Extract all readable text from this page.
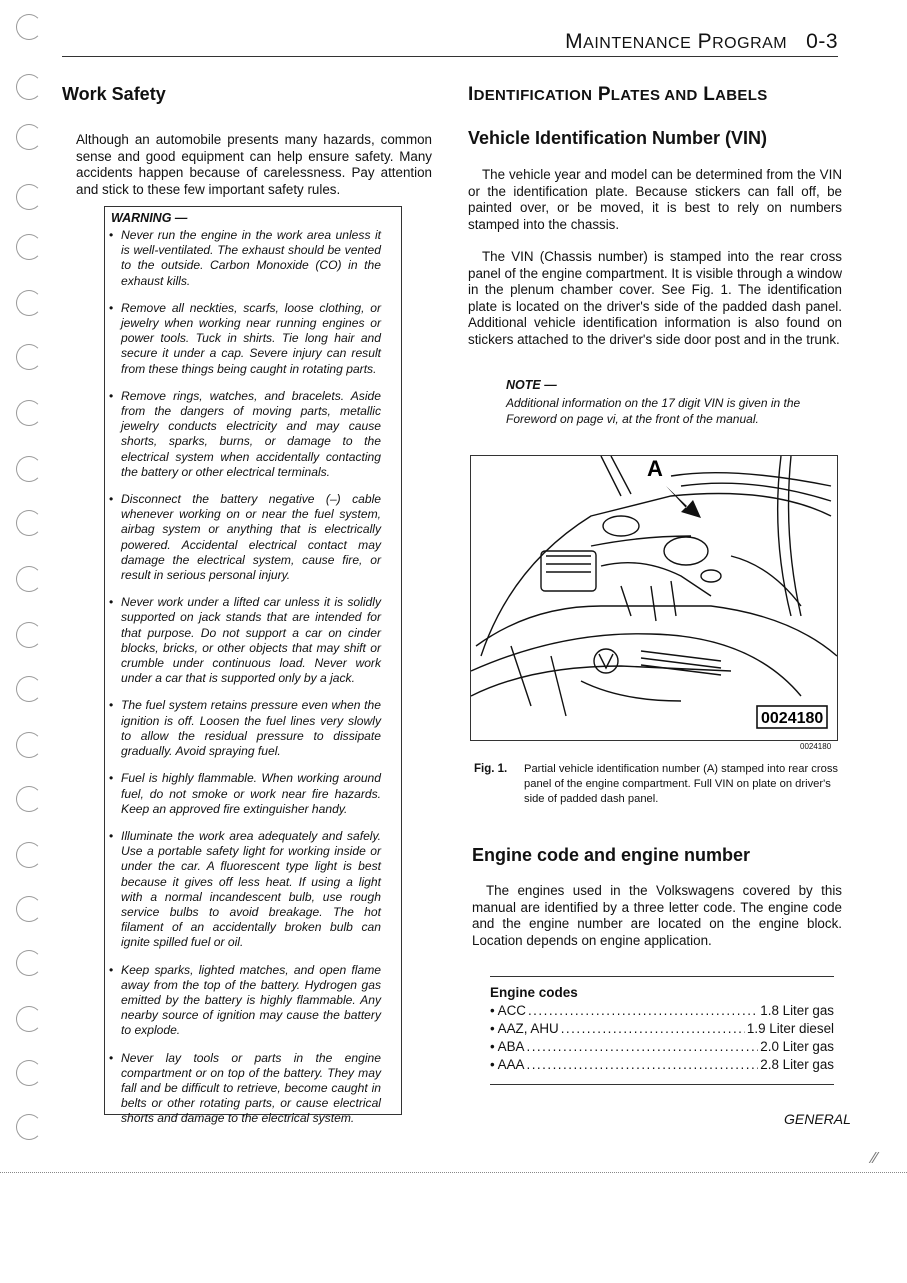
MAINTENANCE PROGRAM 0-3
Work Safety

Although an automobile presents many hazards, common sense and good equipment can help ensure safety. Many accidents happen because of carelessness. Pay attention and stick to these few important safety rules.

WARNING —
• Never run the engine in the work area unless it is well-ventilated. The exhaust should be vented to the outside. Carbon Monoxide (CO) in the exhaust kills.
• Remove all neckties, scarfs, loose clothing, or jewelry when working near running engines or power tools. Tuck in shirts. Tie long hair and secure it under a cap. Severe injury can result from these things being caught in rotating parts.
• Remove rings, watches, and bracelets. Aside from the dangers of moving parts, metallic jewelry conducts electricity and may cause shorts, sparks, burns, or damage to the electrical system when accidentally contacting the battery or other electrical terminals.
• Disconnect the battery negative (–) cable whenever working on or near the fuel system, airbag system or anything that is electrically powered. Accidental electrical contact may damage the electrical system, cause fire, or result in serious personal injury.
• Never work under a lifted car unless it is solidly supported on jack stands that are intended for that purpose. Do not support a car on cinder blocks, bricks, or other objects that may shift or crumble under continuous load. Never work under a car that is supported only by a jack.
• The fuel system retains pressure even when the ignition is off. Loosen the fuel lines very slowly to allow the residual pressure to dissipate gradually. Avoid spraying fuel.
• Fuel is highly flammable. When working around fuel, do not smoke or work near fire hazards. Keep an approved fire extinguisher handy.
• Illuminate the work area adequately and safely. Use a portable safety light for working inside or under the car. A fluorescent type light is best because it gives off less heat. If using a light with a normal incandescent bulb, use rough service bulbs to avoid breakage. The hot filament of an accidentally broken bulb can ignite spilled fuel or oil.
• Keep sparks, lighted matches, and open flame away from the top of the battery. Hydrogen gas emitted by the battery is highly flammable. Any nearby source of ignition may cause the battery to explode.
• Never lay tools or parts in the engine compartment or on top of the battery. They may fall and be difficult to retrieve, become caught in belts or other rotating parts, or cause electrical shorts and damage to the electrical system.
IDENTIFICATION PLATES AND LABELS
Vehicle Identification Number (VIN)

The vehicle year and model can be determined from the VIN or the identification plate. Because stickers can fall off, be painted over, or be moved, it is best to rely on numbers stamped into the chassis.

The VIN (Chassis number) is stamped into the rear cross panel of the engine compartment. It is visible through a window in the plenum chamber cover. See Fig. 1. The identification plate is located on the driver's side of the padded dash panel. Additional vehicle identification information is also found on stickers attached to the driver's side door post and in the trunk.

NOTE —
Additional information on the 17 digit VIN is given in the Foreword on page vi, at the front of the manual.
A
0024180
0024180
Fig. 1. Partial vehicle identification number (A) stamped into rear cross panel of the engine compartment. Full VIN on plate on driver's side of padded dash panel.
Engine code and engine number

The engines used in the Volkswagens covered by this manual are identified by a three letter code. The engine code and the engine number are located on the engine block. Location depends on engine application.

Engine codes
• ACC .....	1.8 Liter gas
• AAZ, AHU .....	1.9 Liter diesel
• ABA .....	2.0 Liter gas
• AAA .....	2.8 Liter gas
GENERAL
⁄⁄
